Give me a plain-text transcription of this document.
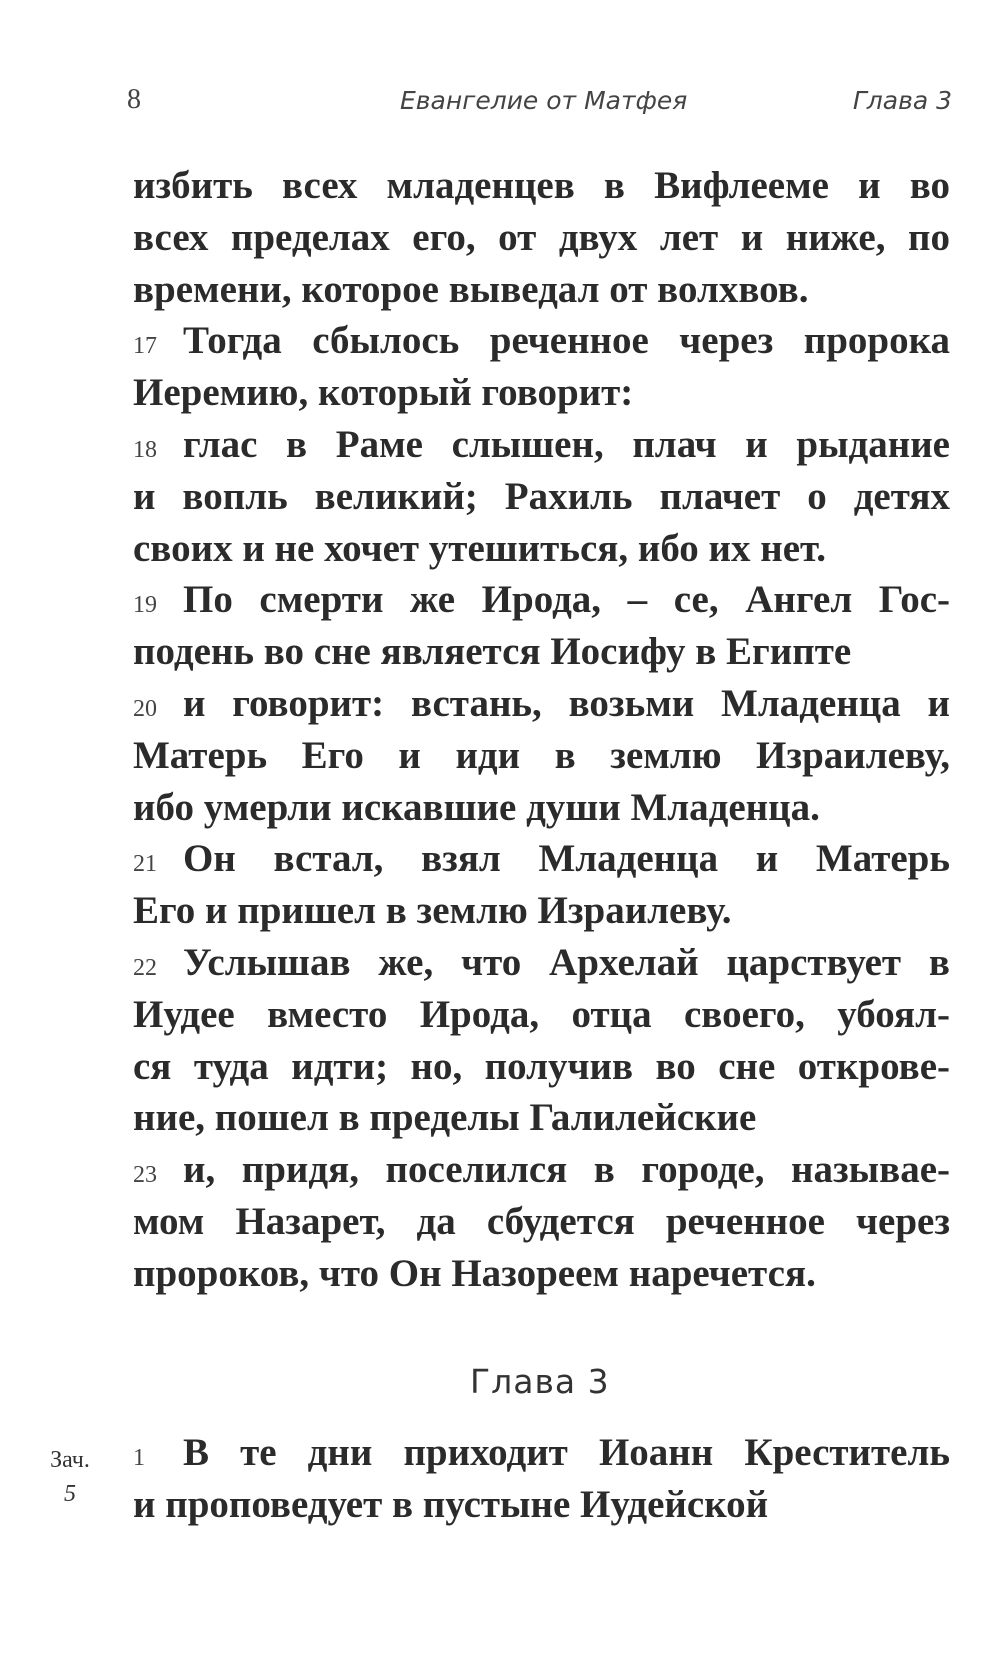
8	Евангелие от Матфея	Глава 3
избить всех младенцев в Вифлееме и во
всех пределах его, от двух лет и ниже, по
времени, которое выведал от волхвов.
17 Тогда сбылось реченное через пророка
Иеремию, который говорит:
18 глас в Раме слышен, плач и рыдание
и вопль великий; Рахиль плачет о детях
своих и не хочет утешиться, ибо их нет.
19 По смерти же Ирода, – се, Ангел Гос-
подень во сне является Иосифу в Египте
20 и говорит: встань, возьми Младенца и
Матерь Его и иди в землю Израилеву,
ибо умерли искавшие души Младенца.
21 Он встал, взял Младенца и Матерь
Его и пришел в землю Израилеву.
22 Услышав же, что Архелай царствует в
Иудее вместо Ирода, отца своего, убоял-
ся туда идти; но, получив во сне открове-
ние, пошел в пределы Галилейские
23 и, придя, поселился в городе, называе-
мом Назарет, да сбудется реченное через
пророков, что Он Назореем наречется.
Глава 3
Зач.
5
1 В те дни приходит Иоанн Креститель
и проповедует в пустыне Иудейской
